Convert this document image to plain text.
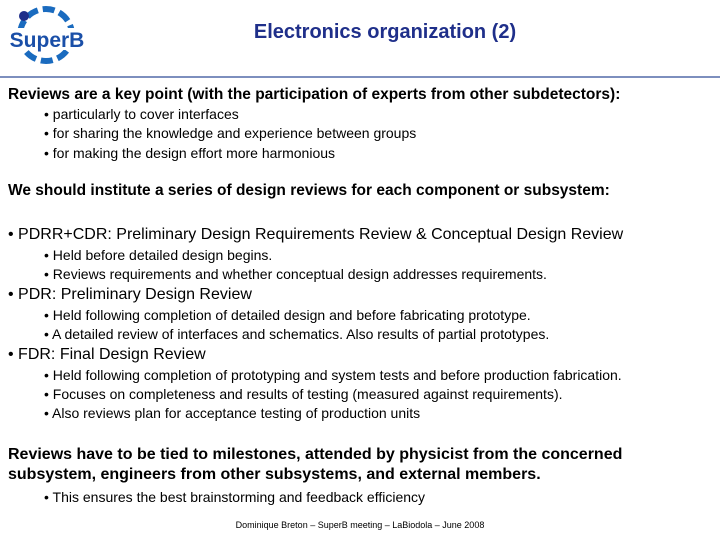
SuperB	Electronics organization (2)
Reviews are a key point (with the participation of experts from other subdetectors):
• particularly to cover interfaces
• for sharing the knowledge and experience between groups
• for making the design effort more harmonious
We should institute a series of design reviews for each component or subsystem:
• PDRR+CDR: Preliminary Design Requirements Review & Conceptual Design Review
• Held before detailed design begins.
• Reviews requirements and whether conceptual design addresses requirements.
• PDR: Preliminary Design Review
• Held following completion of detailed design and before fabricating prototype.
• A detailed review of interfaces and schematics. Also results of partial prototypes.
• FDR: Final Design Review
• Held following completion of prototyping and system tests and before production fabrication.
• Focuses on completeness and results of testing (measured against requirements).
• Also reviews plan for acceptance testing of production units
Reviews have to be tied to milestones, attended by physicist from the concerned subsystem, engineers from other subsystems, and external members.
• This ensures the best brainstorming and feedback efficiency
Dominique Breton – SuperB meeting – LaBiodola – June 2008
